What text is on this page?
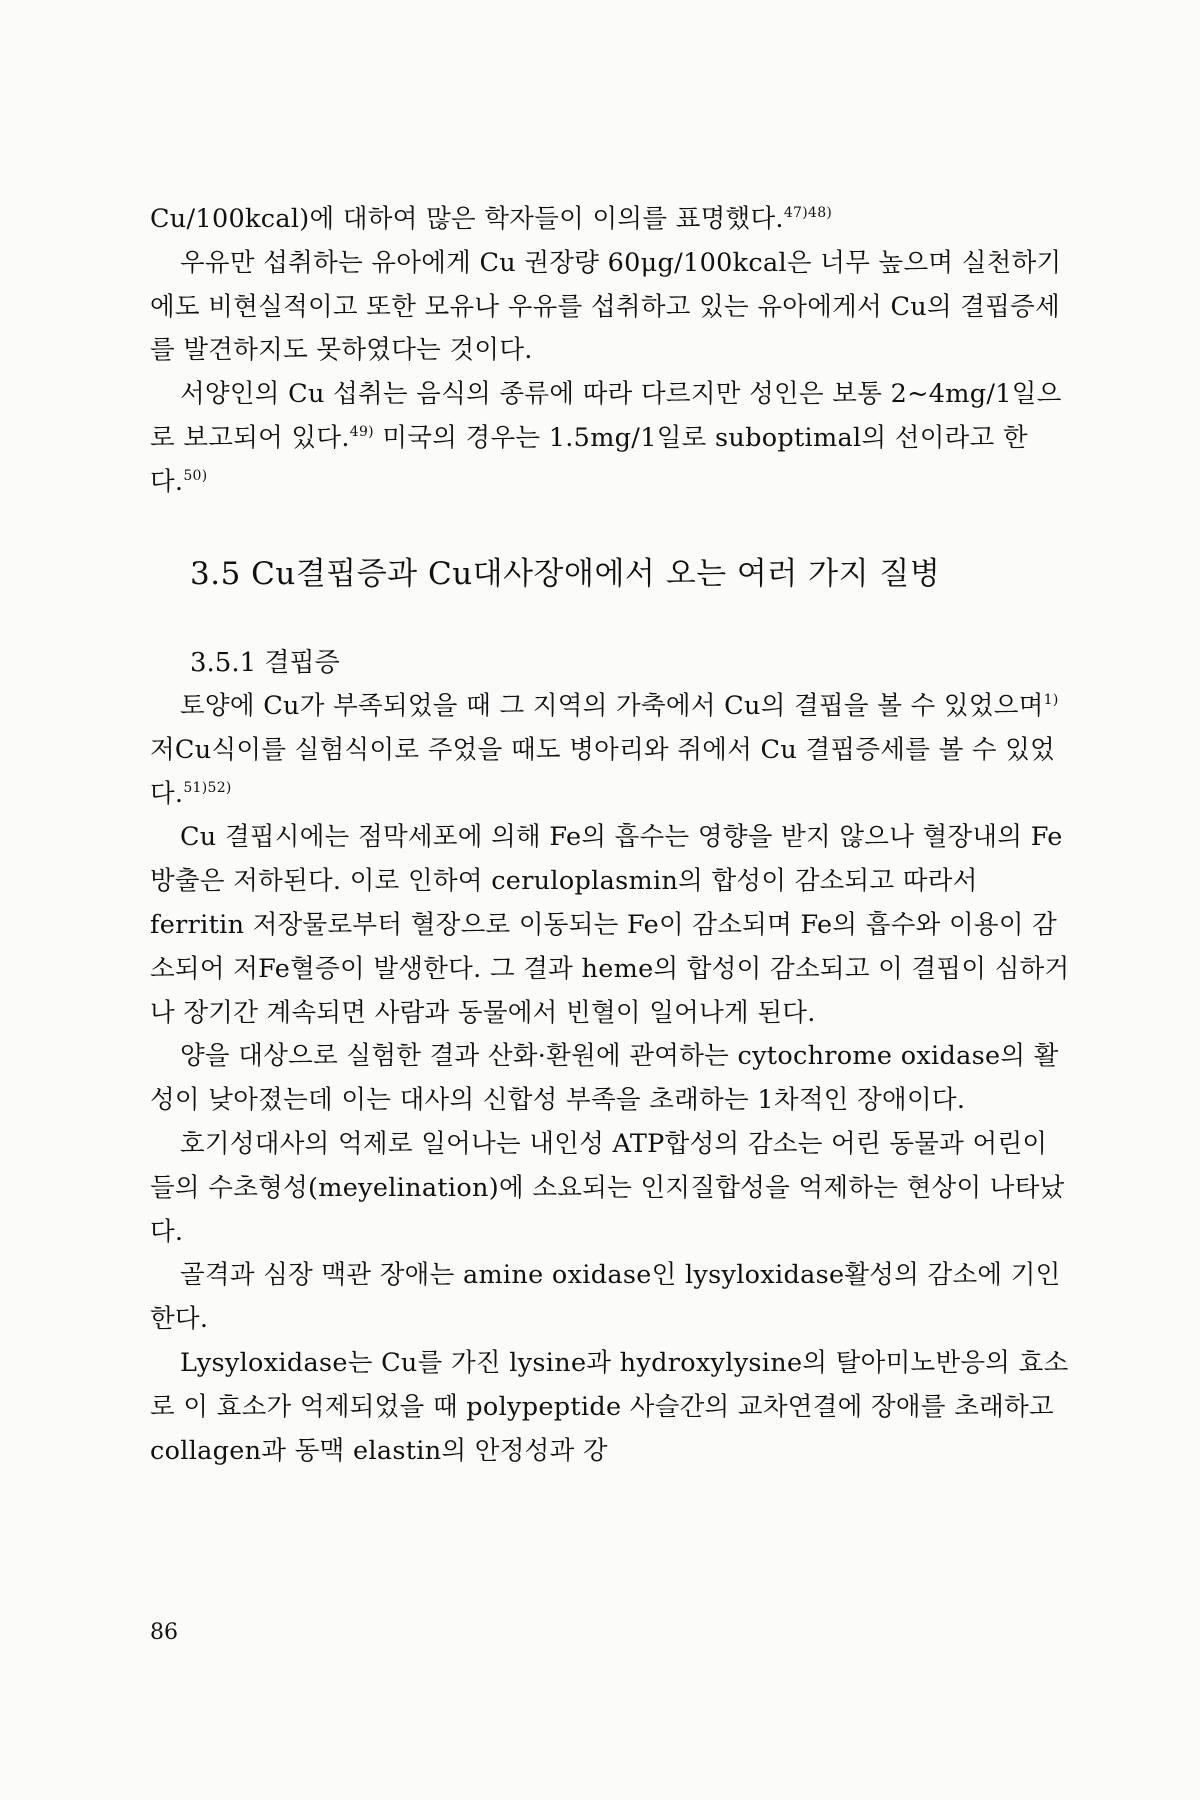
Cu/100kcal)에 대하여 많은 학자들이 이의를 표명했다.$^{47)48)}$

우유만 섭취하는 유아에게 Cu 권장량 60μg/100kcal은 너무 높으며 실천하기에도 비현실적이고 또한 모유나 우유를 섭취하고 있는 유아에게서 Cu의 결핍증세를 발견하지도 못하였다는 것이다.

서양인의 Cu 섭취는 음식의 종류에 따라 다르지만 성인은 보통 2~4mg/1일으로 보고되어 있다.$^{49)}$ 미국의 경우는 1.5mg/1일로 suboptimal의 선이라고 한다.$^{50)}$

3.5 Cu결핍증과 Cu대사장애에서 오는 여러 가지 질병
3.5.1 결핍증

토양에 Cu가 부족되었을 때 그 지역의 가축에서 Cu의 결핍을 볼 수 있었으며$^{1)}$ 저Cu식이를 실험식이로 주었을 때도 병아리와 쥐에서 Cu 결핍증세를 볼 수 있었다.$^{51)52)}$

Cu 결핍시에는 점막세포에 의해 Fe의 흡수는 영향을 받지 않으나 혈장내의 Fe방출은 저하된다. 이로 인하여 ceruloplasmin의 합성이 감소되고 따라서 ferritin 저장물로부터 혈장으로 이동되는 Fe이 감소되며 Fe의 흡수와 이용이 감소되어 저Fe혈증이 발생한다. 그 결과 heme의 합성이 감소되고 이 결핍이 심하거나 장기간 계속되면 사람과 동물에서 빈혈이 일어나게 된다.

양을 대상으로 실험한 결과 산화·환원에 관여하는 cytochrome oxidase의 활성이 낮아졌는데 이는 대사의 신합성 부족을 초래하는 1차적인 장애이다.

호기성대사의 억제로 일어나는 내인성 ATP합성의 감소는 어린 동물과 어린이들의 수초형성(meyelination)에 소요되는 인지질합성을 억제하는 현상이 나타났다.

골격과 심장 맥관 장애는 amine oxidase인 lysyloxidase활성의 감소에 기인한다.

Lysyloxidase는 Cu를 가진 lysine과 hydroxylysine의 탈아미노반응의 효소로 이 효소가 억제되었을 때 polypeptide 사슬간의 교차연결에 장애를 초래하고 collagen과 동맥 elastin의 안정성과 강

86
